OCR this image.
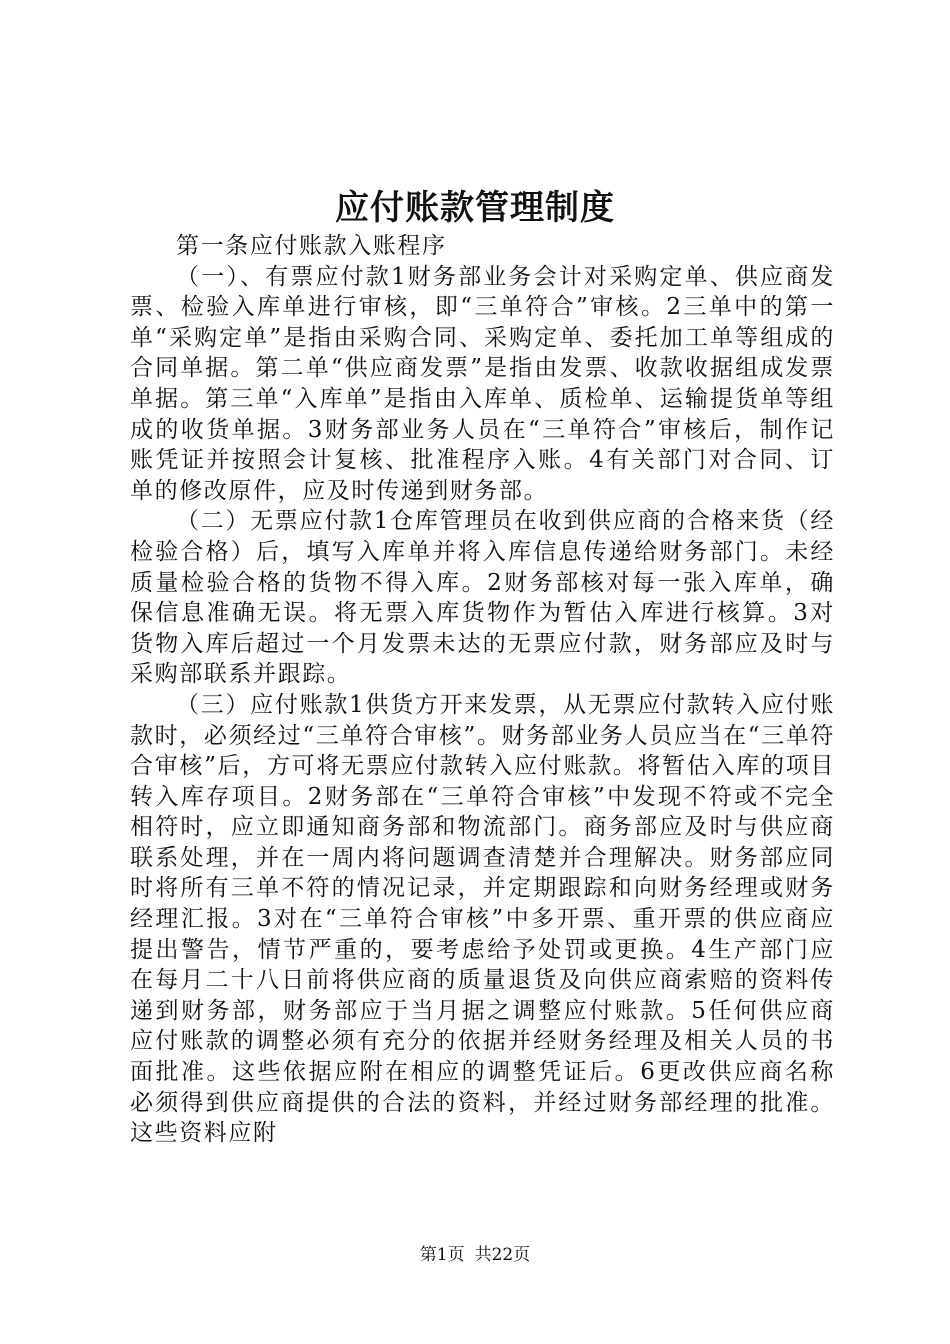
应付账款管理制度

第一条应付账款入账程序

（一）、有票应付款1财务部业务会计对采购定单、供应商发票、检验入库单进行审核，即“三单符合”审核。2三单中的第一单“采购定单”是指由采购合同、采购定单、委托加工单等组成的合同单据。第二单“供应商发票”是指由发票、收款收据组成发票单据。第三单“入库单”是指由入库单、质检单、运输提货单等组成的收货单据。3财务部业务人员在“三单符合”审核后，制作记账凭证并按照会计复核、批准程序入账。4有关部门对合同、订单的修改原件，应及时传递到财务部。

（二）无票应付款1仓库管理员在收到供应商的合格来货（经检验合格）后，填写入库单并将入库信息传递给财务部门。未经质量检验合格的货物不得入库。2财务部核对每一张入库单，确保信息准确无误。将无票入库货物作为暂估入库进行核算。3对货物入库后超过一个月发票未达的无票应付款，财务部应及时与采购部联系并跟踪。

（三）应付账款1供货方开来发票，从无票应付款转入应付账款时，必须经过“三单符合审核”。财务部业务人员应当在“三单符合审核”后，方可将无票应付款转入应付账款。将暂估入库的项目转入库存项目。2财务部在“三单符合审核”中发现不符或不完全相符时，应立即通知商务部和物流部门。商务部应及时与供应商联系处理，并在一周内将问题调查清楚并合理解决。财务部应同时将所有三单不符的情况记录，并定期跟踪和向财务经理或财务经理汇报。3对在“三单符合审核”中多开票、重开票的供应商应提出警告，情节严重的，要考虑给予处罚或更换。4生产部门应在每月二十八日前将供应商的质量退货及向供应商索赔的资料传递到财务部，财务部应于当月据之调整应付账款。5任何供应商应付账款的调整必须有充分的依据并经财务经理及相关人员的书面批准。这些依据应附在相应的调整凭证后。6更改供应商名称必须得到供应商提供的合法的资料，并经过财务部经理的批准。这些资料应附

第1页 共22页
